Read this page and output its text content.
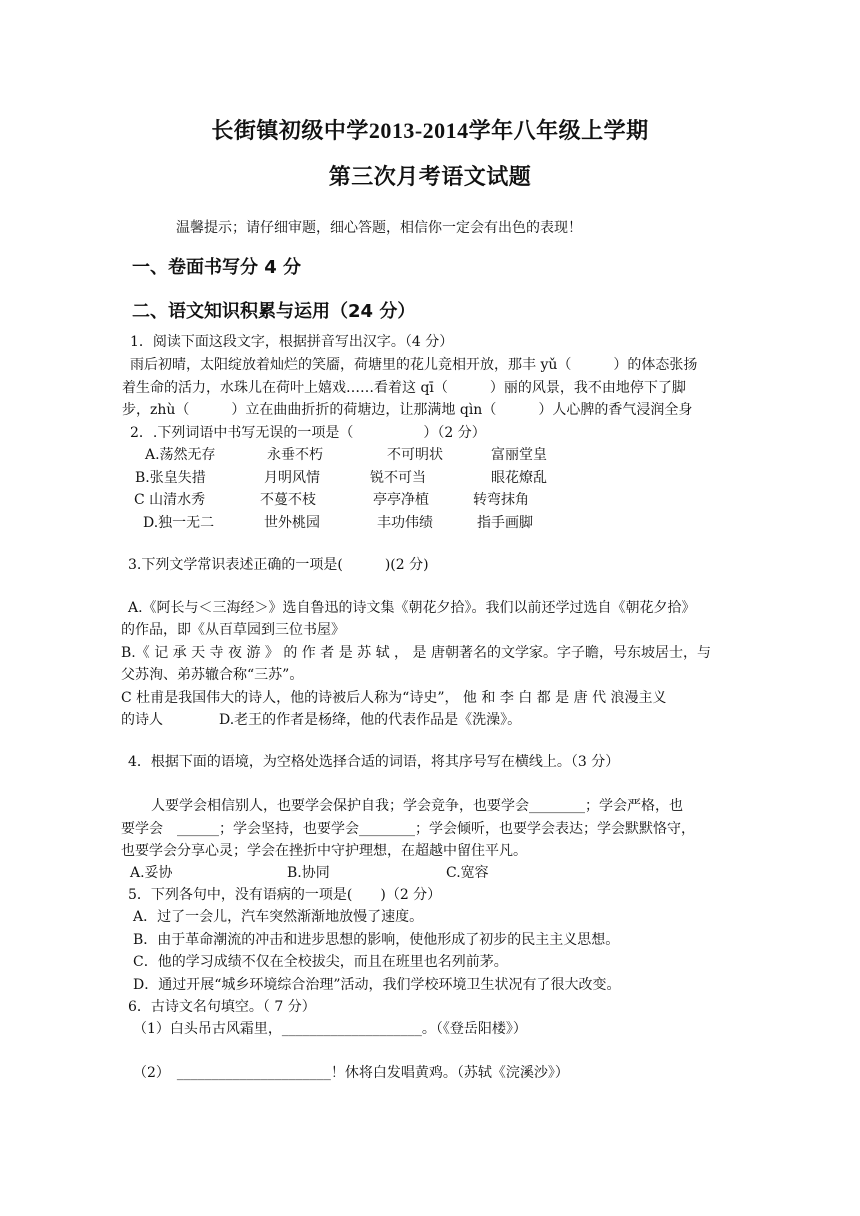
长街镇初级中学2013-2014学年八年级上学期
第三次月考语文试题
温馨提示；请仔细审题，细心答题，相信你一定会有出色的表现！
一、卷面书写分 4 分
二、语文知识积累与运用（24 分）
1．阅读下面这段文字，根据拼音写出汉字。（4 分）
雨后初晴，太阳绽放着灿烂的笑靥，荷塘里的花儿竞相开放，那丰 yǔ（　　　）的体态张扬
着生命的活力，水珠儿在荷叶上嬉戏……看着这 qī（　　　）丽的风景，我不由地停下了脚
步，zhù（　　　）立在曲曲折折的荷塘边，让那满地 qìn（　　　）人心脾的香气浸润全身
2．.下列词语中书写无误的一项是（　　　　　）（2 分）
A.荡然无存	永垂不朽	不可明状	富丽堂皇
B.张皇失措	月明风情	锐不可当	眼花燎乱
C 山清水秀	不蔓不枝	亭亭净植	转弯抹角
D.独一无二	世外桃园	丰功伟绩	指手画脚
3.下列文学常识表述正确的一项是(　　　)(2 分)
A.《阿长与＜三海经＞》选自鲁迅的诗文集《朝花夕拾》。我们以前还学过选自《朝花夕拾》
的作品，即《从百草园到三位书屋》
B.《 记 承 天 寺 夜 游 》 的 作 者 是 苏 轼 ， 是 唐朝著名的文学家。字子瞻，号东坡居士，与
父苏洵、弟苏辙合称“三苏”。
C 杜甫是我国伟大的诗人，他的诗被后人称为“诗史”， 他 和 李 白 都 是 唐 代 浪漫主义
的诗人　　　　D.老王的作者是杨绛，他的代表作品是《洗澡》。
4．根据下面的语境，为空格处选择合适的词语，将其序号写在横线上。（3 分）
人要学会相信别人，也要学会保护自我；学会竞争，也要学会________；学会严格，也
要学会　______；学会坚持，也要学会________；学会倾听，也要学会表达；学会默默恪守，
也要学会分享心灵；学会在挫折中守护理想，在超越中留住平凡。
A.妥协	B.协同	C.宽容
5．下列各句中，没有语病的一项是(　　)（2 分）
A．过了一会儿，汽车突然渐渐地放慢了速度。
B．由于革命潮流的冲击和进步思想的影响，使他形成了初步的民主主义思想。
C．他的学习成绩不仅在全校拔尖，而且在班里也名列前茅。
D．通过开展“城乡环境综合治理”活动，我们学校环境卫生状况有了很大改变。
6．古诗文名句填空。（ 7 分）
（1）白头吊古风霜里，____________________。（《登岳阳楼》）
（2）　______________________！休将白发唱黄鸡。（苏轼《浣溪沙》）
